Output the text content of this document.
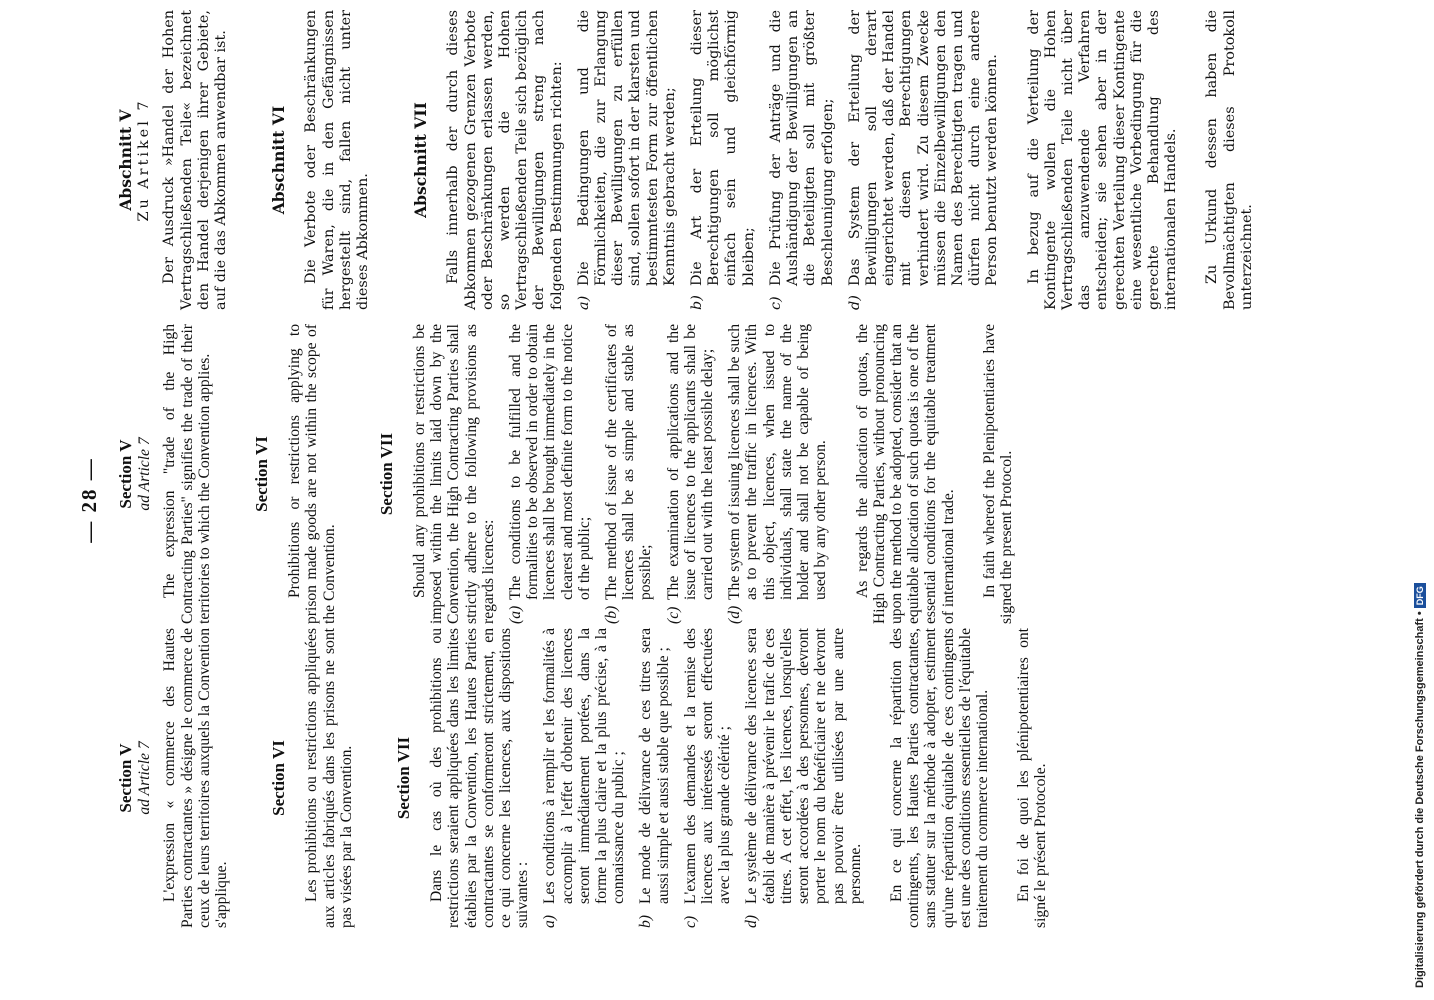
— 28 —
Section V ad Article 7 L'expression « commerce des Hautes Parties contractantes » désigne le commerce de ceux de leurs territoires auxquels la Convention s'applique.

Section VI Les prohibitions ou restrictions appliquées aux articles fabriqués dans les prisons ne sont pas visées par la Convention. Section VII Dans le cas où des prohibitions ou restrictions seraient appliquées dans les limites établies par la Convention, les Hautes Parties contractantes se conformeront strictement, en ce qui concerne les licences, aux dispositions suivantes : a)
Les conditions à remplir et les formalités à accomplir à l'effet d'obtenir des licences seront immédiatement portées, dans la forme la plus claire et la plus précise, à la connaissance du public ;
b)
Le mode de délivrance de ces titres sera aussi simple et aussi stable que possible ;
c)
L'examen des demandes et la remise des licences aux intéressés seront effectuées avec la plus grande célérité ;
d)
Le système de délivrance des licences sera établi de manière à prévenir le trafic de ces titres. A cet effet, les licences, lorsqu'elles seront accordées à des personnes, devront porter le nom du bénéficiaire et ne devront pas pouvoir être utilisées par une autre personne. En ce qui concerne la répartition des contingents, les Hautes Parties contractantes, sans statuer sur la méthode à adopter, estiment qu'une répartition équitable de ces contingents est une des conditions essentielles de l'équitable traitement du commerce international. En foi de quoi les plénipotentiaires ont signé le présent Protocole.

Section V ad Article 7 The expression "trade of the High Contracting Parties" signifies the trade of their territories to which the Convention applies. Section VI Prohibitions or restrictions applying to prison made goods are not within the scope of the Convention.

Section VII Should any prohibitions or restrictions be imposed within the limits laid down by the Convention, the High Contracting Parties shall strictly adhere to the following provisions as regards licences: (a)
The conditions to be fulfilled and the formalities to be observed in order to obtain licences shall be brought immediately in the clearest and most definite form to the notice of the public;
(b)
The method of issue of the certificates of licences shall be as simple and stable as possible;
(c)
The examination of applications and the issue of licences to the applicants shall be carried out with the least possible delay;
(d)
The system of issuing licences shall be such as to prevent the traffic in licences. With this object, licences, when issued to individuals, shall state the name of the holder and shall not be capable of being used by any other person. As regards the allocation of quotas, the High Contracting Parties, without pronouncing upon the method to be adopted, consider that an equitable allocation of such quotas is one of the essential conditions for the equitable treatment of international trade. In faith whereof the Plenipotentiaries have signed the present Protocol.

Abschnitt V Zu Artikel 7 Der Ausdruck »Handel der Hohen Vertragschließenden Teile« bezeichnet den Handel derjenigen ihrer Gebiete, auf die das Abkommen anwendbar ist.	Abschnitt VI Die Verbote oder Beschränkungen für Waren, die in den Gefängnissen hergestellt sind, fallen nicht unter dieses Abkommen.

Abschnitt VII Falls innerhalb der durch dieses Abkommen gezogenen Grenzen Verbote oder Beschränkungen erlassen werden, so werden die Hohen Vertragschließenden Teile sich bezüglich der Bewilligungen streng nach folgenden Bestimmungen richten: a)
Die Bedingungen und die Förmlichkeiten, die zur Erlangung dieser Bewilligungen zu erfüllen sind, sollen sofort in der klarsten und bestimmtesten Form zur öffentlichen Kenntnis gebracht werden;
b)
Die Art der Erteilung dieser Berechtigungen soll möglichst einfach sein und gleichförmig bleiben;
c)
Die Prüfung der Anträge und die Aushändigung der Bewilligungen an die Beteiligten soll mit größter Beschleunigung erfolgen;
d)
Das System der Erteilung der Bewilligungen soll derart eingerichtet werden, daß der Handel mit diesen Berechtigungen verhindert wird. Zu diesem Zwecke müssen die Einzelbewilligungen den Namen des Berechtigten tragen und dürfen nicht durch eine andere Person benutzt werden können. In bezug auf die Verteilung der Kontingente wollen die Hohen Vertragschließenden Teile nicht über das anzuwendende Verfahren entscheiden; sie sehen aber in der gerechten Verteilung dieser Kontingente eine wesentliche Vorbedingung für die gerechte Behandlung des internationalen Handels. Zu Urkund dessen haben die Bevollmächtigten dieses Protokoll unterzeichnet.

Digitalisierung gefördert durch die Deutsche Forschungsgemeinschaft •DFG
